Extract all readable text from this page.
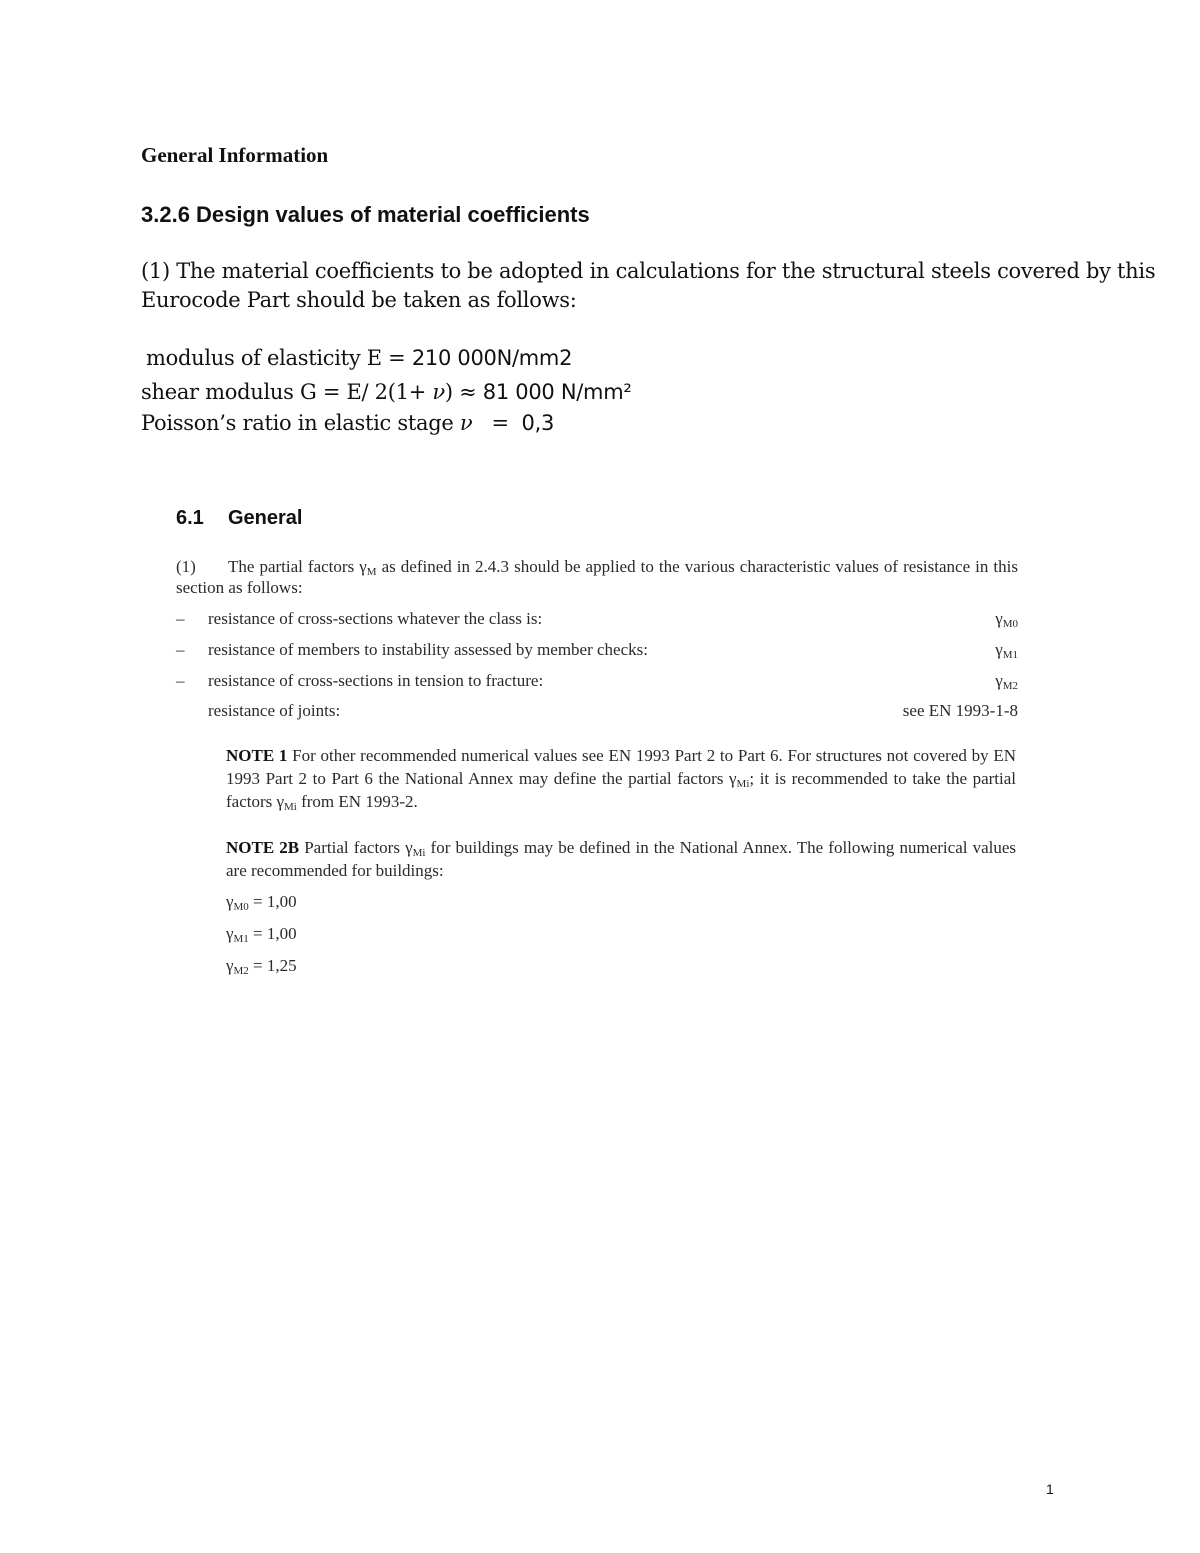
General Information
3.2.6 Design values of material coefficients
(1) The material coefficients to be adopted in calculations for the structural steels covered by this
Eurocode Part should be taken as follows:
modulus of elasticity E = 210 000N/mm2
shear modulus G = E/ 2(1+ ν) ≈ 81 000 N/mm²
Poisson’s ratio in elastic stage ν   =  0,3
6.1 General
(1) The partial factors $\gamma_M$ as defined in 2.4.3 should be applied to the various characteristic values of resistance in this section as follows:
– resistance of cross-sections whatever the class is:	$\gamma_{M0}$
– resistance of members to instability assessed by member checks:	$\gamma_{M1}$
– resistance of cross-sections in tension to fracture:	$\gamma_{M2}$
resistance of joints:	see EN 1993-1-8
NOTE 1 For other recommended numerical values see EN 1993 Part 2 to Part 6. For structures not covered by EN 1993 Part 2 to Part 6 the National Annex may define the partial factors $\gamma_{Mi}$; it is recommended to take the partial factors $\gamma_{Mi}$ from EN 1993-2.
NOTE 2B Partial factors $\gamma_{Mi}$ for buildings may be defined in the National Annex. The following numerical values are recommended for buildings:
$\gamma_{M0} = 1,00$
$\gamma_{M1} = 1,00$
$\gamma_{M2} = 1,25$
1
